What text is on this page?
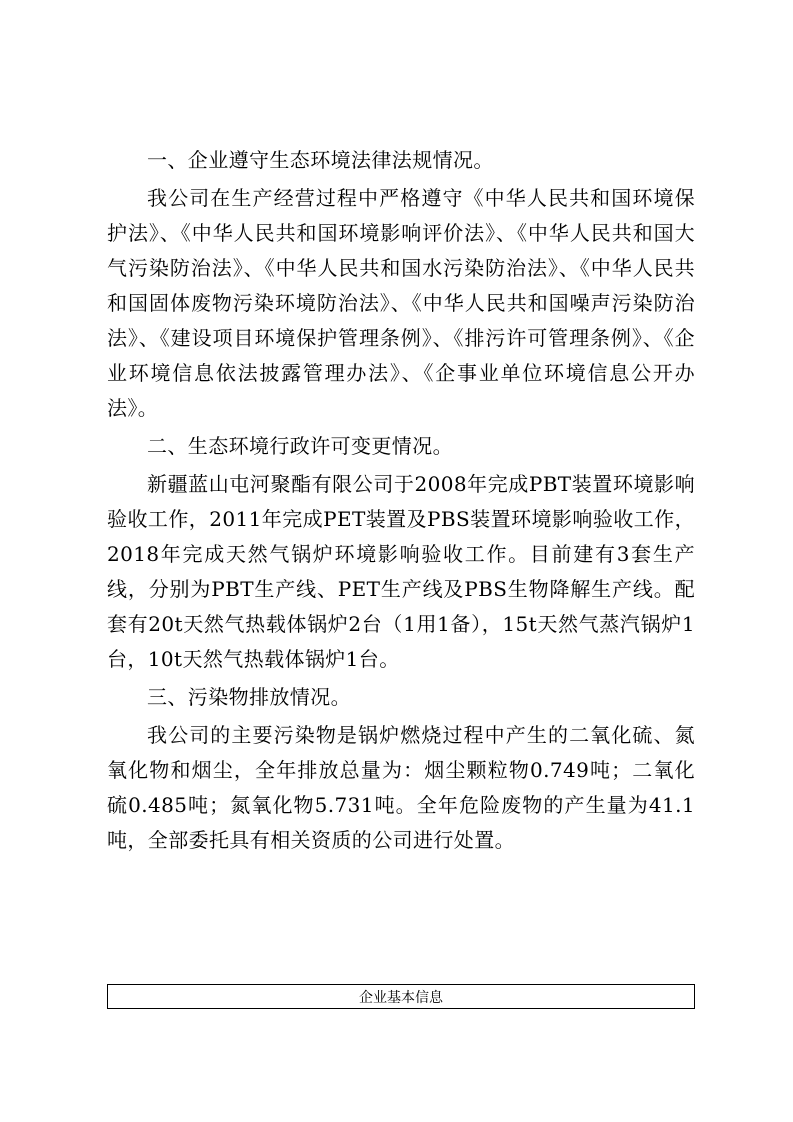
一、企业遵守生态环境法律法规情况。

我公司在生产经营过程中严格遵守《中华人民共和国环境保护法》、《中华人民共和国环境影响评价法》、《中华人民共和国大气污染防治法》、《中华人民共和国水污染防治法》、《中华人民共和国固体废物污染环境防治法》、《中华人民共和国噪声污染防治法》、《建设项目环境保护管理条例》、《排污许可管理条例》、《企业环境信息依法披露管理办法》、《企事业单位环境信息公开办法》。

二、生态环境行政许可变更情况。

新疆蓝山屯河聚酯有限公司于2008年完成PBT装置环境影响验收工作，2011年完成PET装置及PBS装置环境影响验收工作，2018年完成天然气锅炉环境影响验收工作。目前建有3套生产线，分别为PBT生产线、PET生产线及PBS生物降解生产线。配套有20t天然气热载体锅炉2台（1用1备），15t天然气蒸汽锅炉1台，10t天然气热载体锅炉1台。

三、污染物排放情况。

我公司的主要污染物是锅炉燃烧过程中产生的二氧化硫、氮氧化物和烟尘，全年排放总量为：烟尘颗粒物0.749吨；二氧化硫0.485吨；氮氧化物5.731吨。全年危险废物的产生量为41.1吨，全部委托具有相关资质的公司进行处置。

企业基本信息
